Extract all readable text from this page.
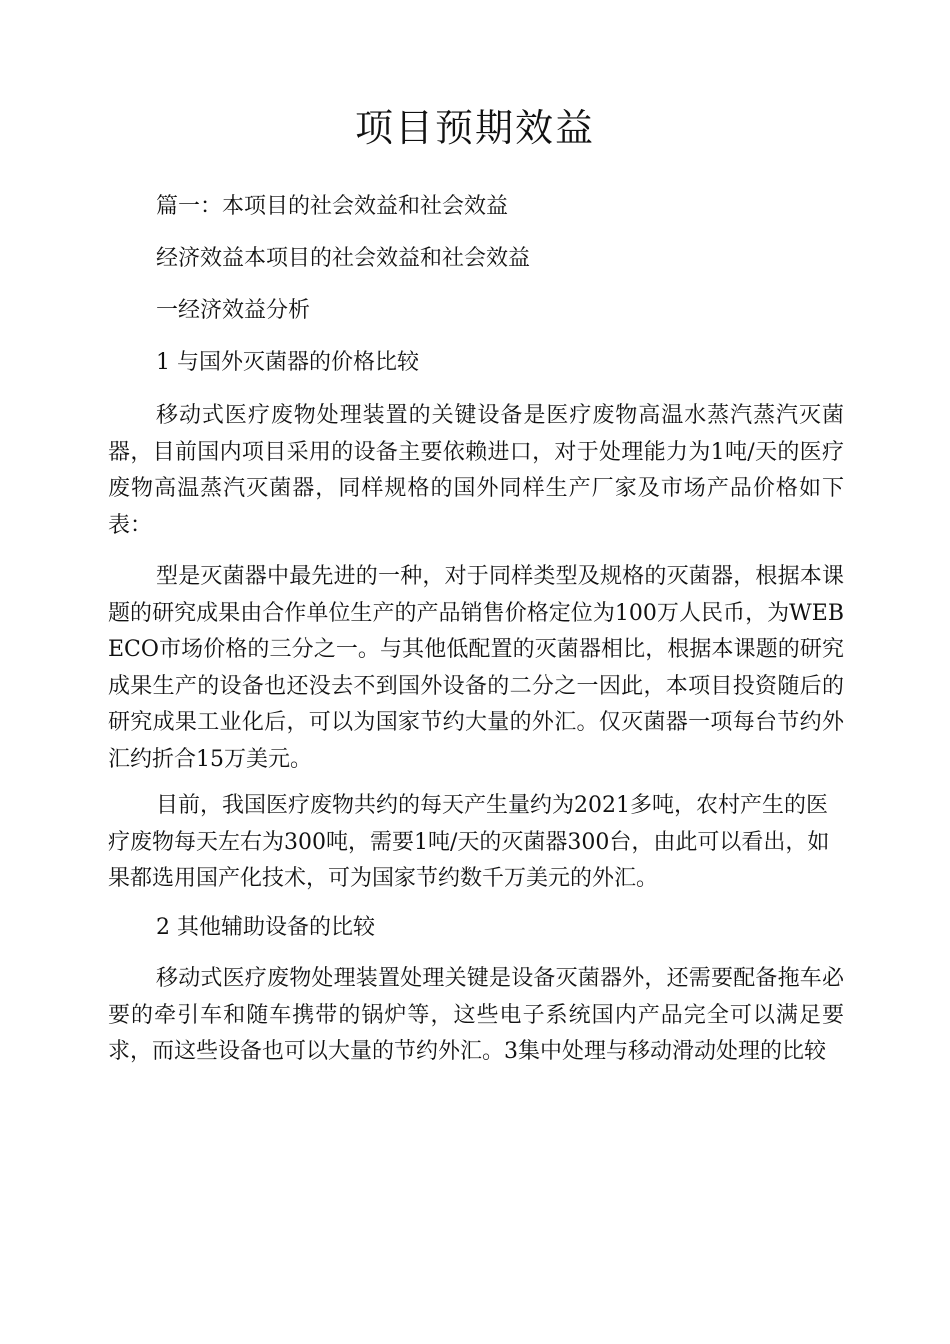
项目预期效益

篇一：本项目的社会效益和社会效益

经济效益本项目的社会效益和社会效益

一经济效益分析

1 与国外灭菌器的价格比较

移动式医疗废物处理装置的关键设备是医疗废物高温水蒸汽蒸汽灭菌器，目前国内项目采用的设备主要依赖进口，对于处理能力为1吨/天的医疗废物高温蒸汽灭菌器，同样规格的国外同样生产厂家及市场产品价格如下表：

型是灭菌器中最先进的一种，对于同样类型及规格的灭菌器，根据本课题的研究成果由合作单位生产的产品销售价格定位为100万人民币，为WEBECO市场价格的三分之一。与其他低配置的灭菌器相比，根据本课题的研究成果生产的设备也还没去不到国外设备的二分之一因此，本项目投资随后的研究成果工业化后，可以为国家节约大量的外汇。仅灭菌器一项每台节约外汇约折合15万美元。

目前，我国医疗废物共约的每天产生量约为2021多吨，农村产生的医疗废物每天左右为300吨，需要1吨/天的灭菌器300台，由此可以看出，如果都选用国产化技术，可为国家节约数千万美元的外汇。

2 其他辅助设备的比较

移动式医疗废物处理装置处理关键是设备灭菌器外，还需要配备拖车必要的牵引车和随车携带的锅炉等，这些电子系统国内产品完全可以满足要求，而这些设备也可以大量的节约外汇。3集中处理与移动滑动处理的比较
